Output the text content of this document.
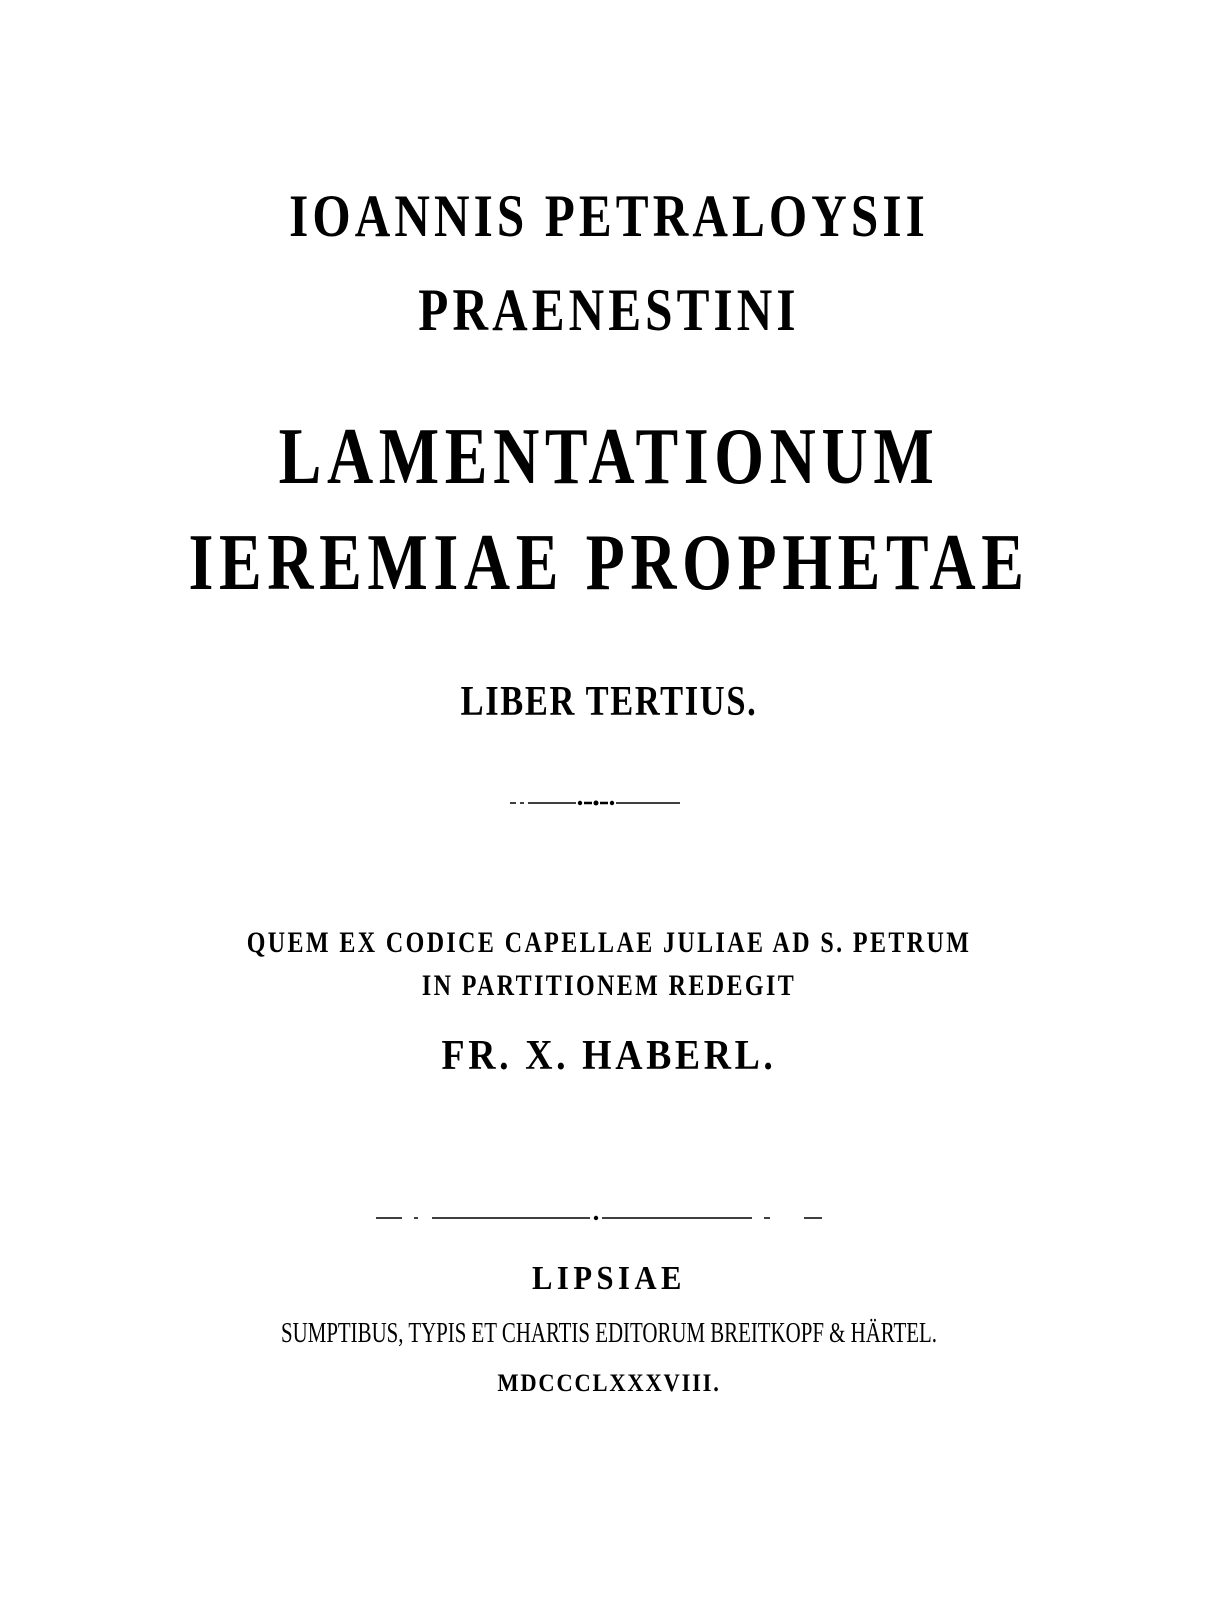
IOANNIS PETRALOYSII
PRAENESTINI
LAMENTATIONUM
IEREMIAE PROPHETAE
LIBER TERTIUS.
QUEM EX CODICE CAPELLAE JULIAE AD S. PETRUM
IN PARTITIONEM REDEGIT
FR. X. HABERL.
LIPSIAE
SUMPTIBUS, TYPIS ET CHARTIS EDITORUM BREITKOPF & HÄRTEL.
MDCCCLXXXVIII.
